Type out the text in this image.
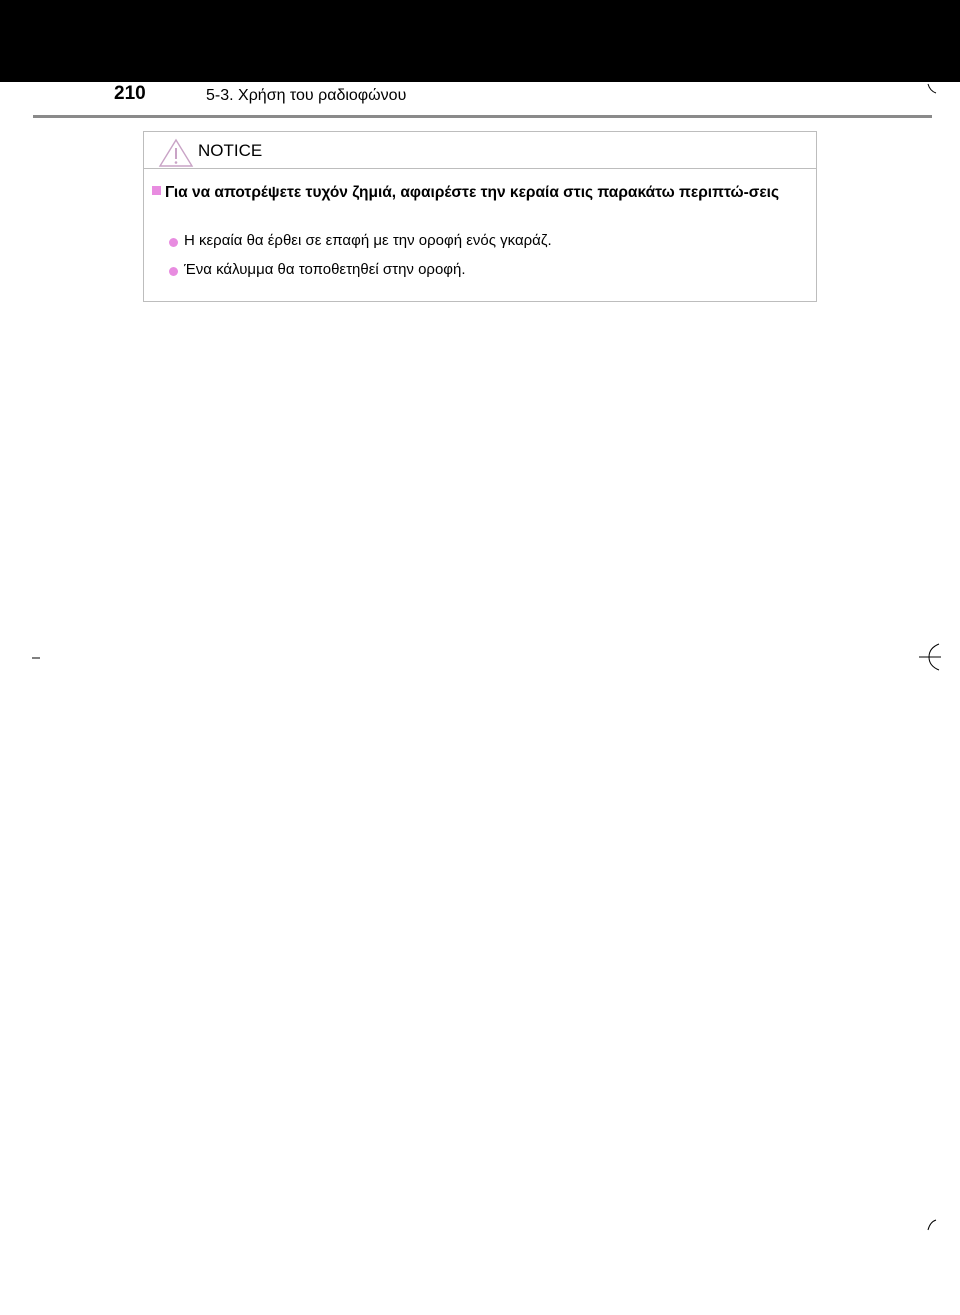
210	5-3. Χρήση του ραδιοφώνου
NOTICE
Για να αποτρέψετε τυχόν ζημιά, αφαιρέστε την κεραία στις παρακάτω περιπτώ-σεις
Η κεραία θα έρθει σε επαφή με την οροφή ενός γκαράζ.
Ένα κάλυμμα θα τοποθετηθεί στην οροφή.
